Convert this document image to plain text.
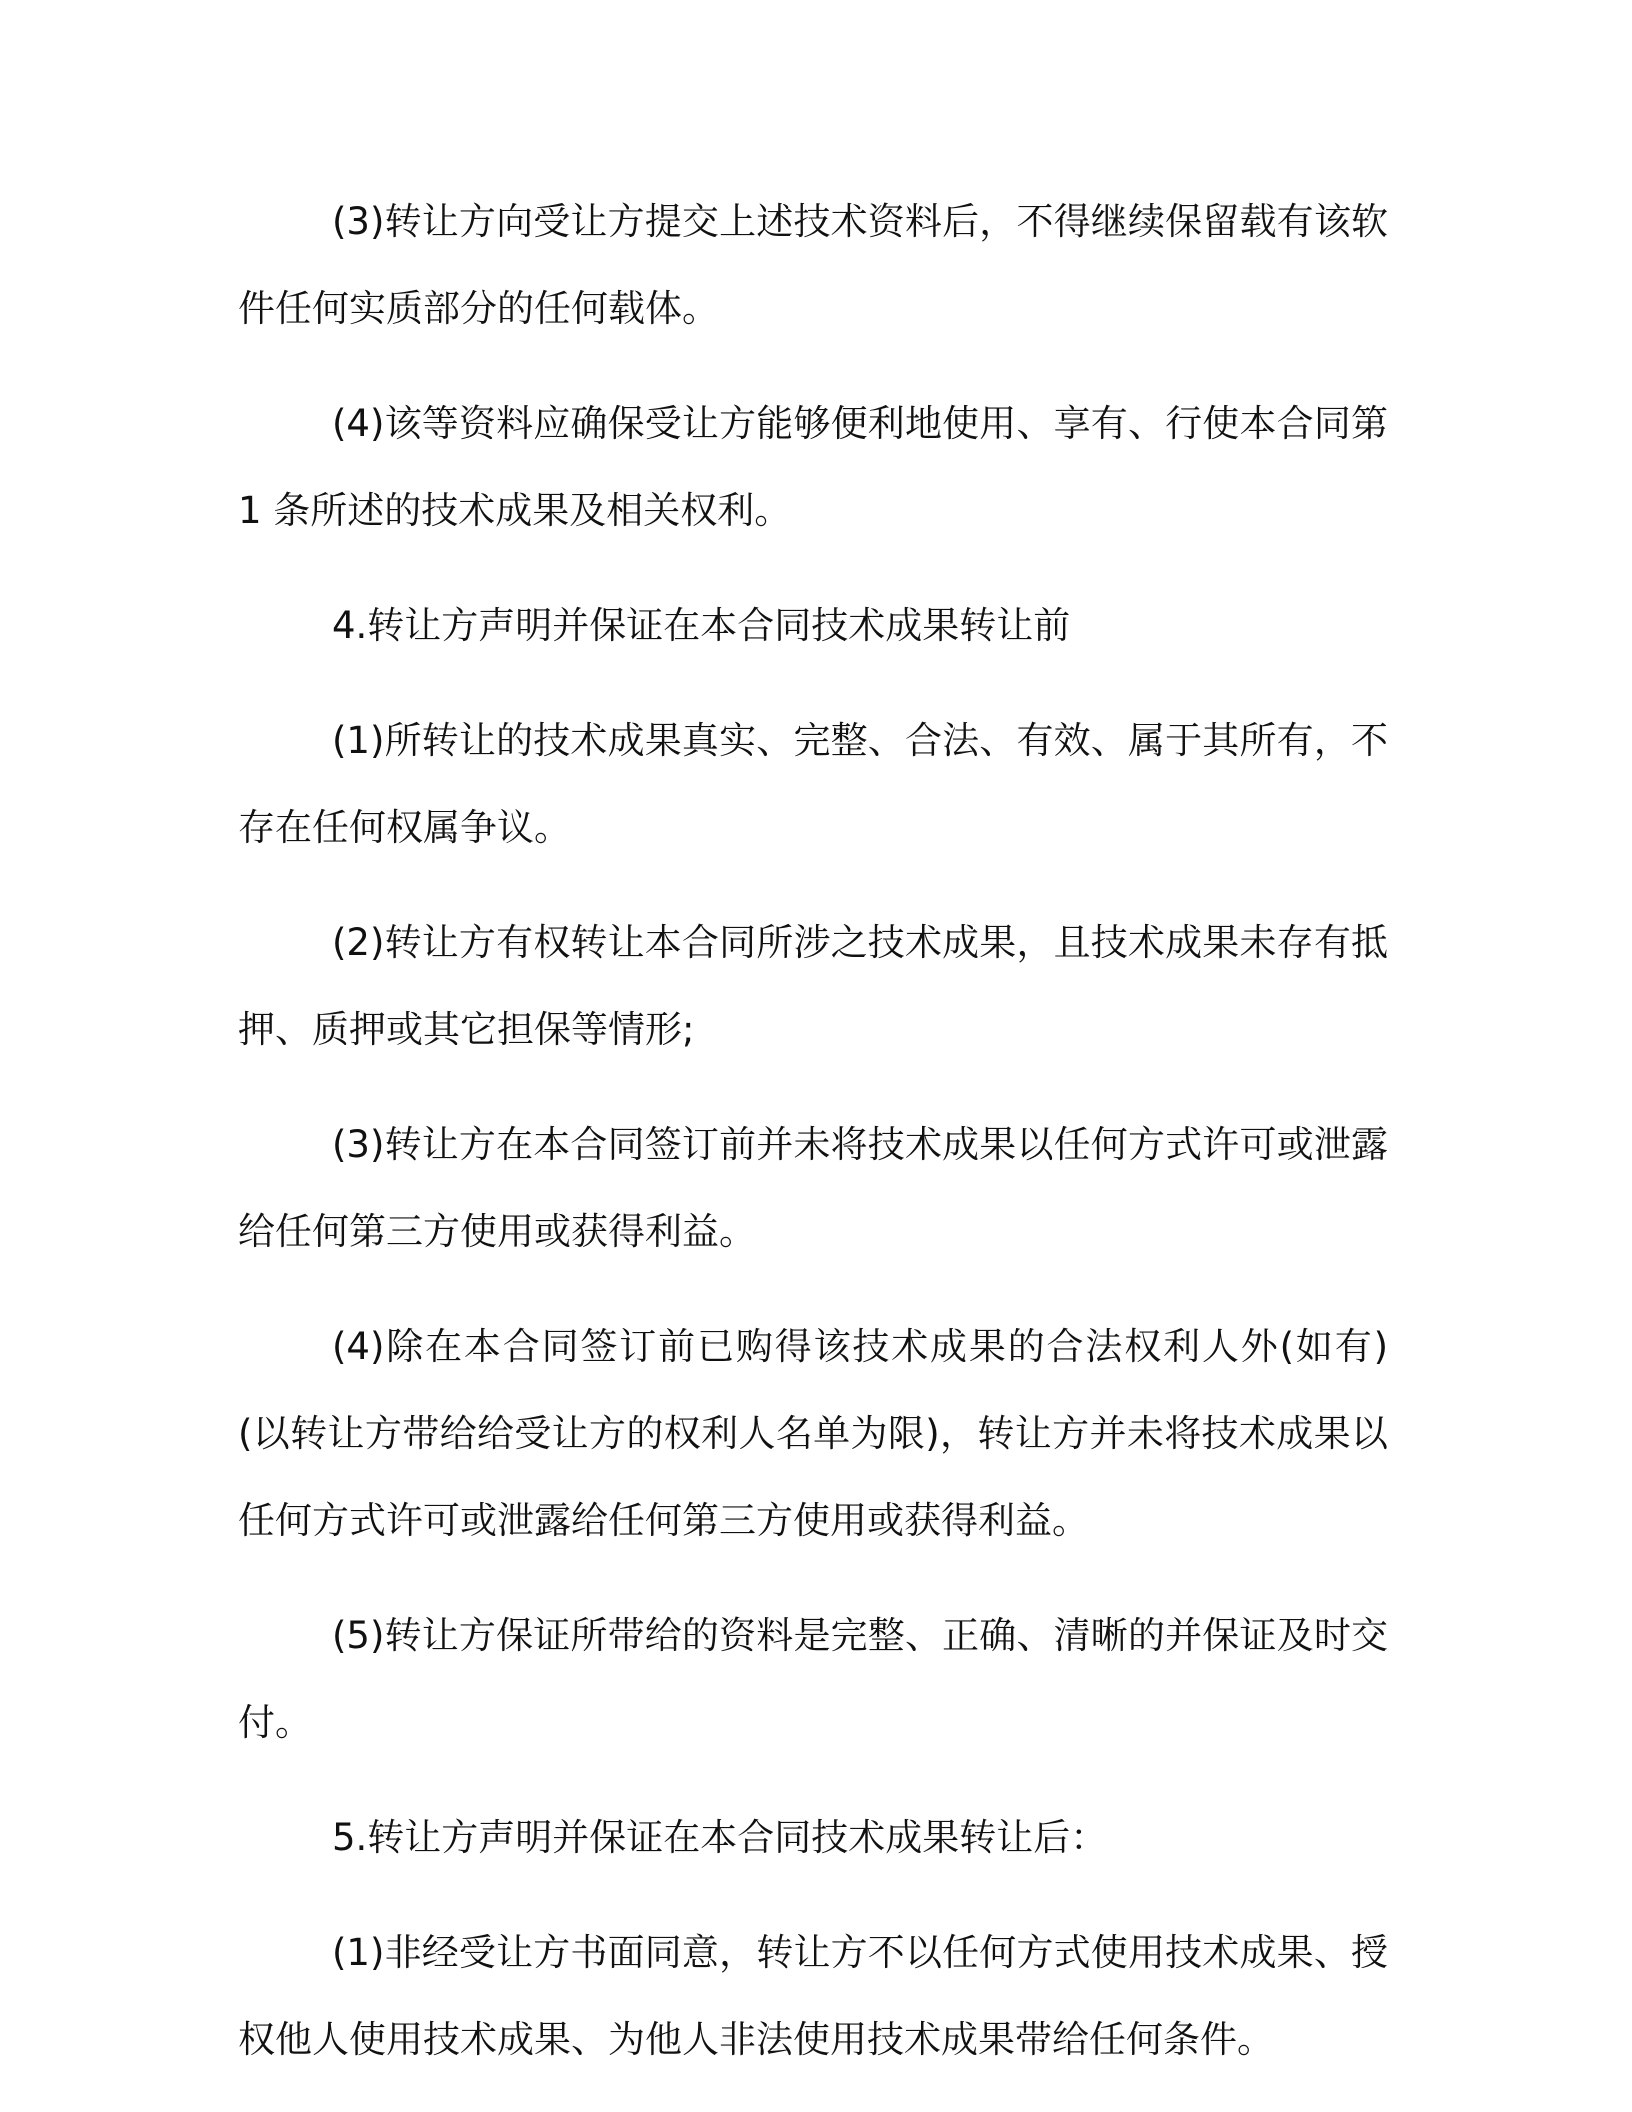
(3)转让方向受让方提交上述技术资料后，不得继续保留载有该软件任何实质部分的任何载体。

(4)该等资料应确保受让方能够便利地使用、享有、行使本合同第 1 条所述的技术成果及相关权利。

4.转让方声明并保证在本合同技术成果转让前

(1)所转让的技术成果真实、完整、合法、有效、属于其所有，不存在任何权属争议。

(2)转让方有权转让本合同所涉之技术成果，且技术成果未存有抵押、质押或其它担保等情形;

(3)转让方在本合同签订前并未将技术成果以任何方式许可或泄露给任何第三方使用或获得利益。

(4)除在本合同签订前已购得该技术成果的合法权利人外(如有)(以转让方带给给受让方的权利人名单为限)，转让方并未将技术成果以任何方式许可或泄露给任何第三方使用或获得利益。

(5)转让方保证所带给的资料是完整、正确、清晰的并保证及时交付。

5.转让方声明并保证在本合同技术成果转让后：

(1)非经受让方书面同意，转让方不以任何方式使用技术成果、授权他人使用技术成果、为他人非法使用技术成果带给任何条件。
